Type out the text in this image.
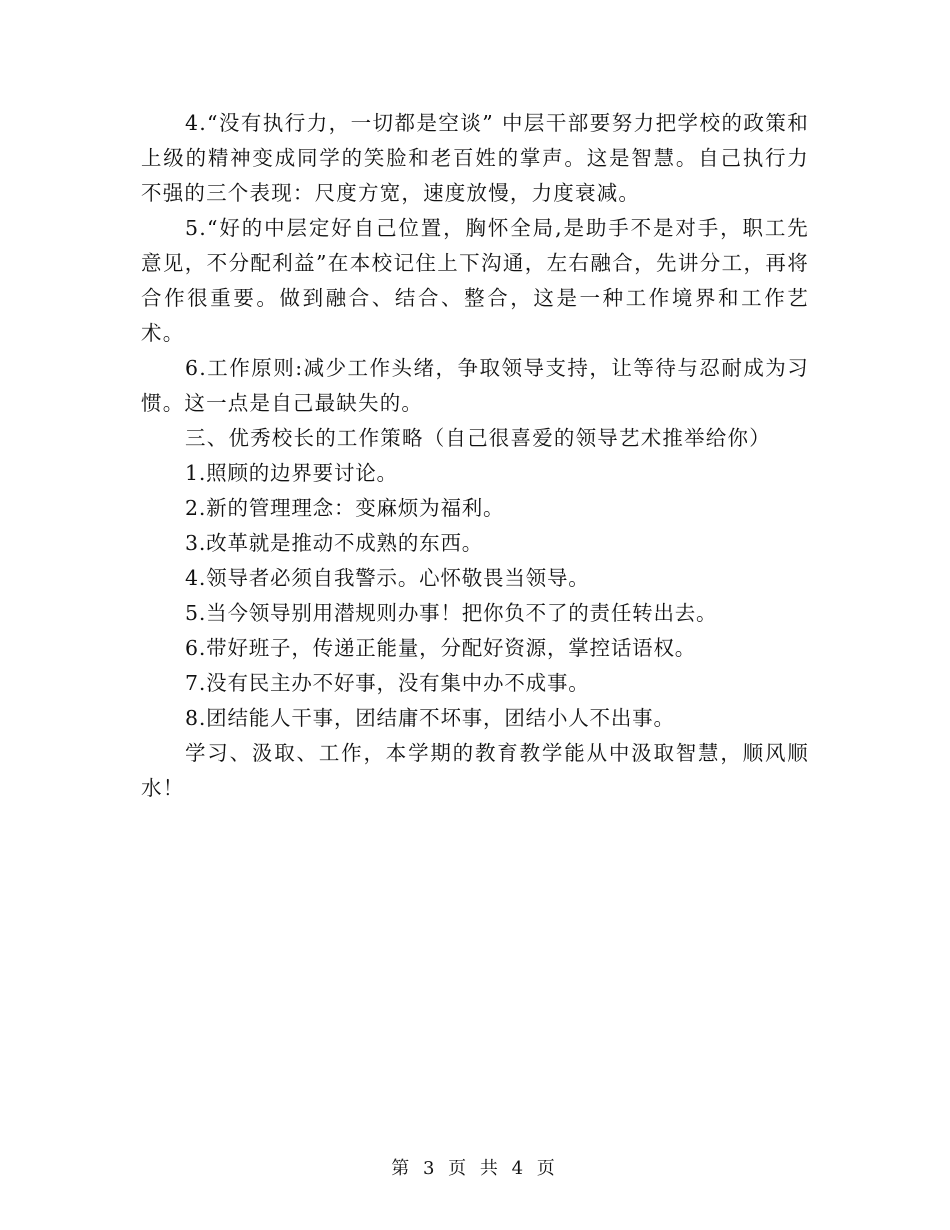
4.“没有执行力，一切都是空谈” 中层干部要努力把学校的政策和上级的精神变成同学的笑脸和老百姓的掌声。这是智慧。自己执行力不强的三个表现：尺度方宽，速度放慢，力度衰减。

5.“好的中层定好自己位置，胸怀全局,是助手不是对手，职工先意见，不分配利益”在本校记住上下沟通，左右融合，先讲分工，再将合作很重要。做到融合、结合、整合，这是一种工作境界和工作艺术。

6.工作原则:减少工作头绪，争取领导支持，让等待与忍耐成为习惯。这一点是自己最缺失的。

三、优秀校长的工作策略（自己很喜爱的领导艺术推举给你）

1.照顾的边界要讨论。

2.新的管理理念：变麻烦为福利。

3.改革就是推动不成熟的东西。

4.领导者必须自我警示。心怀敬畏当领导。

5.当今领导别用潜规则办事！把你负不了的责任转出去。

6.带好班子，传递正能量，分配好资源，掌控话语权。

7.没有民主办不好事，没有集中办不成事。

8.团结能人干事，团结庸不坏事，团结小人不出事。

学习、汲取、工作，本学期的教育教学能从中汲取智慧，顺风顺水！

第 3 页 共 4 页
